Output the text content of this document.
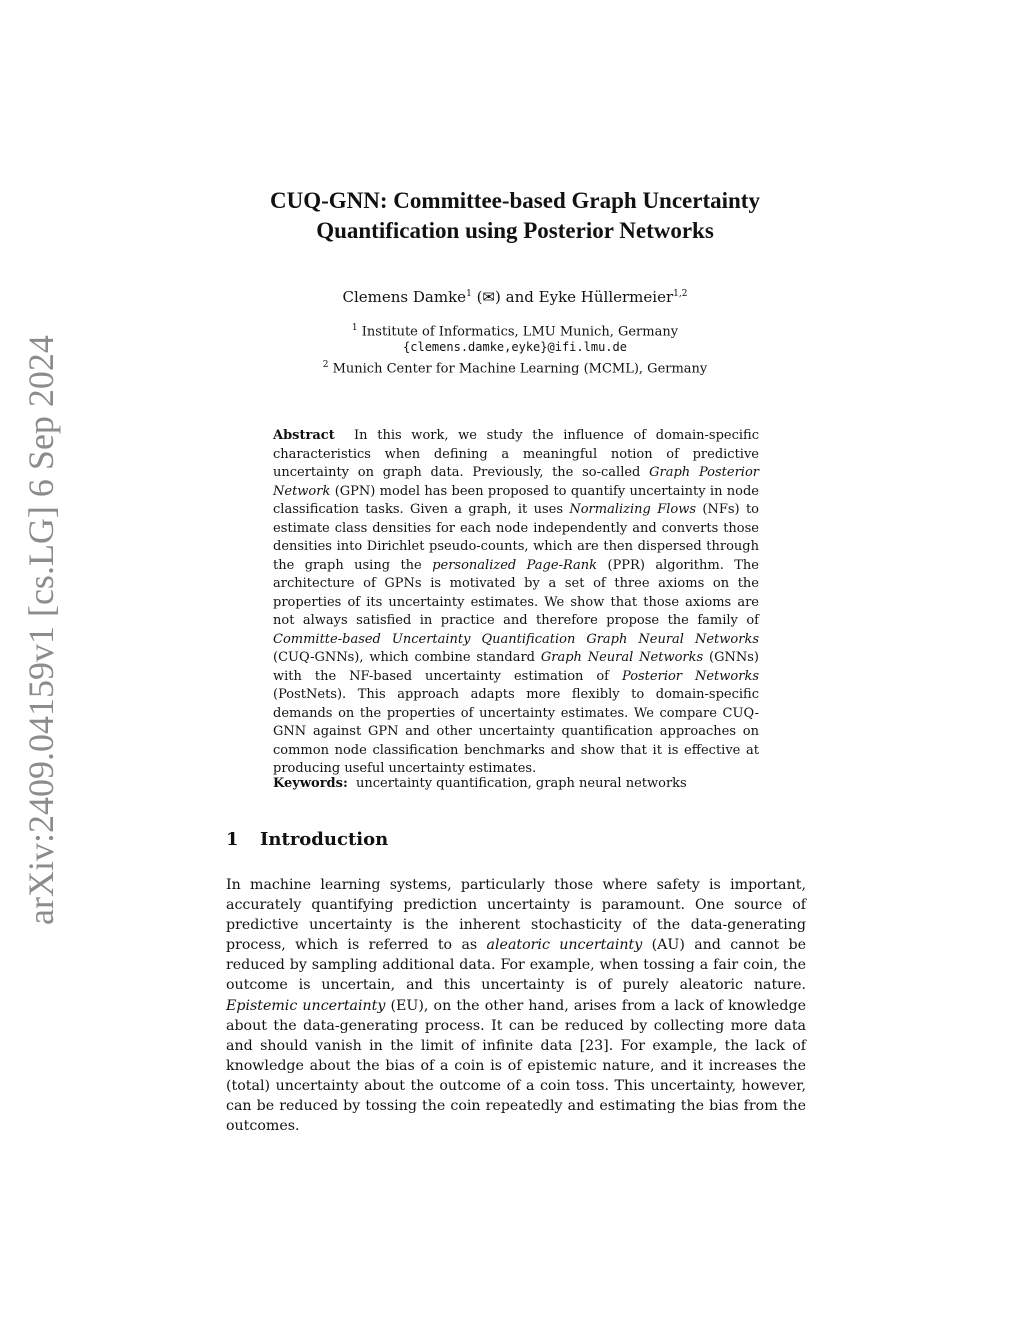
arXiv:2409.04159v1 [cs.LG] 6 Sep 2024
CUQ-GNN: Committee-based Graph Uncertainty
Quantification using Posterior Networks
Clemens Damke$^1$ (✉) and Eyke Hüllermeier$^{1,2}$
$^1$ Institute of Informatics, LMU Munich, Germany
{clemens.damke,eyke}@ifi.lmu.de
$^2$ Munich Center for Machine Learning (MCML), Germany
Abstract In this work, we study the influence of domain-specific characteristics when defining a meaningful notion of predictive uncertainty on graph data. Previously, the so-called Graph Posterior Network (GPN) model has been proposed to quantify uncertainty in node classification tasks. Given a graph, it uses Normalizing Flows (NFs) to estimate class densities for each node independently and converts those densities into Dirichlet pseudo-counts, which are then dispersed through the graph using the personalized Page-Rank (PPR) algorithm. The architecture of GPNs is motivated by a set of three axioms on the properties of its uncertainty estimates. We show that those axioms are not always satisfied in practice and therefore propose the family of Committe-based Uncertainty Quantification Graph Neural Networks (CUQ-GNNs), which combine standard Graph Neural Networks (GNNs) with the NF-based uncertainty estimation of Posterior Networks (PostNets). This approach adapts more flexibly to domain-specific demands on the properties of uncertainty estimates. We compare CUQ-GNN against GPN and other uncertainty quantification approaches on common node classification benchmarks and show that it is effective at producing useful uncertainty estimates.
Keywords: uncertainty quantification, graph neural networks
1 Introduction
In machine learning systems, particularly those where safety is important, accurately quantifying prediction uncertainty is paramount. One source of predictive uncertainty is the inherent stochasticity of the data-generating process, which is referred to as aleatoric uncertainty (AU) and cannot be reduced by sampling additional data. For example, when tossing a fair coin, the outcome is uncertain, and this uncertainty is of purely aleatoric nature. Epistemic uncertainty (EU), on the other hand, arises from a lack of knowledge about the data-generating process. It can be reduced by collecting more data and should vanish in the limit of infinite data [23]. For example, the lack of knowledge about the bias of a coin is of epistemic nature, and it increases the (total) uncertainty about the outcome of a coin toss. This uncertainty, however, can be reduced by tossing the coin repeatedly and estimating the bias from the outcomes.
